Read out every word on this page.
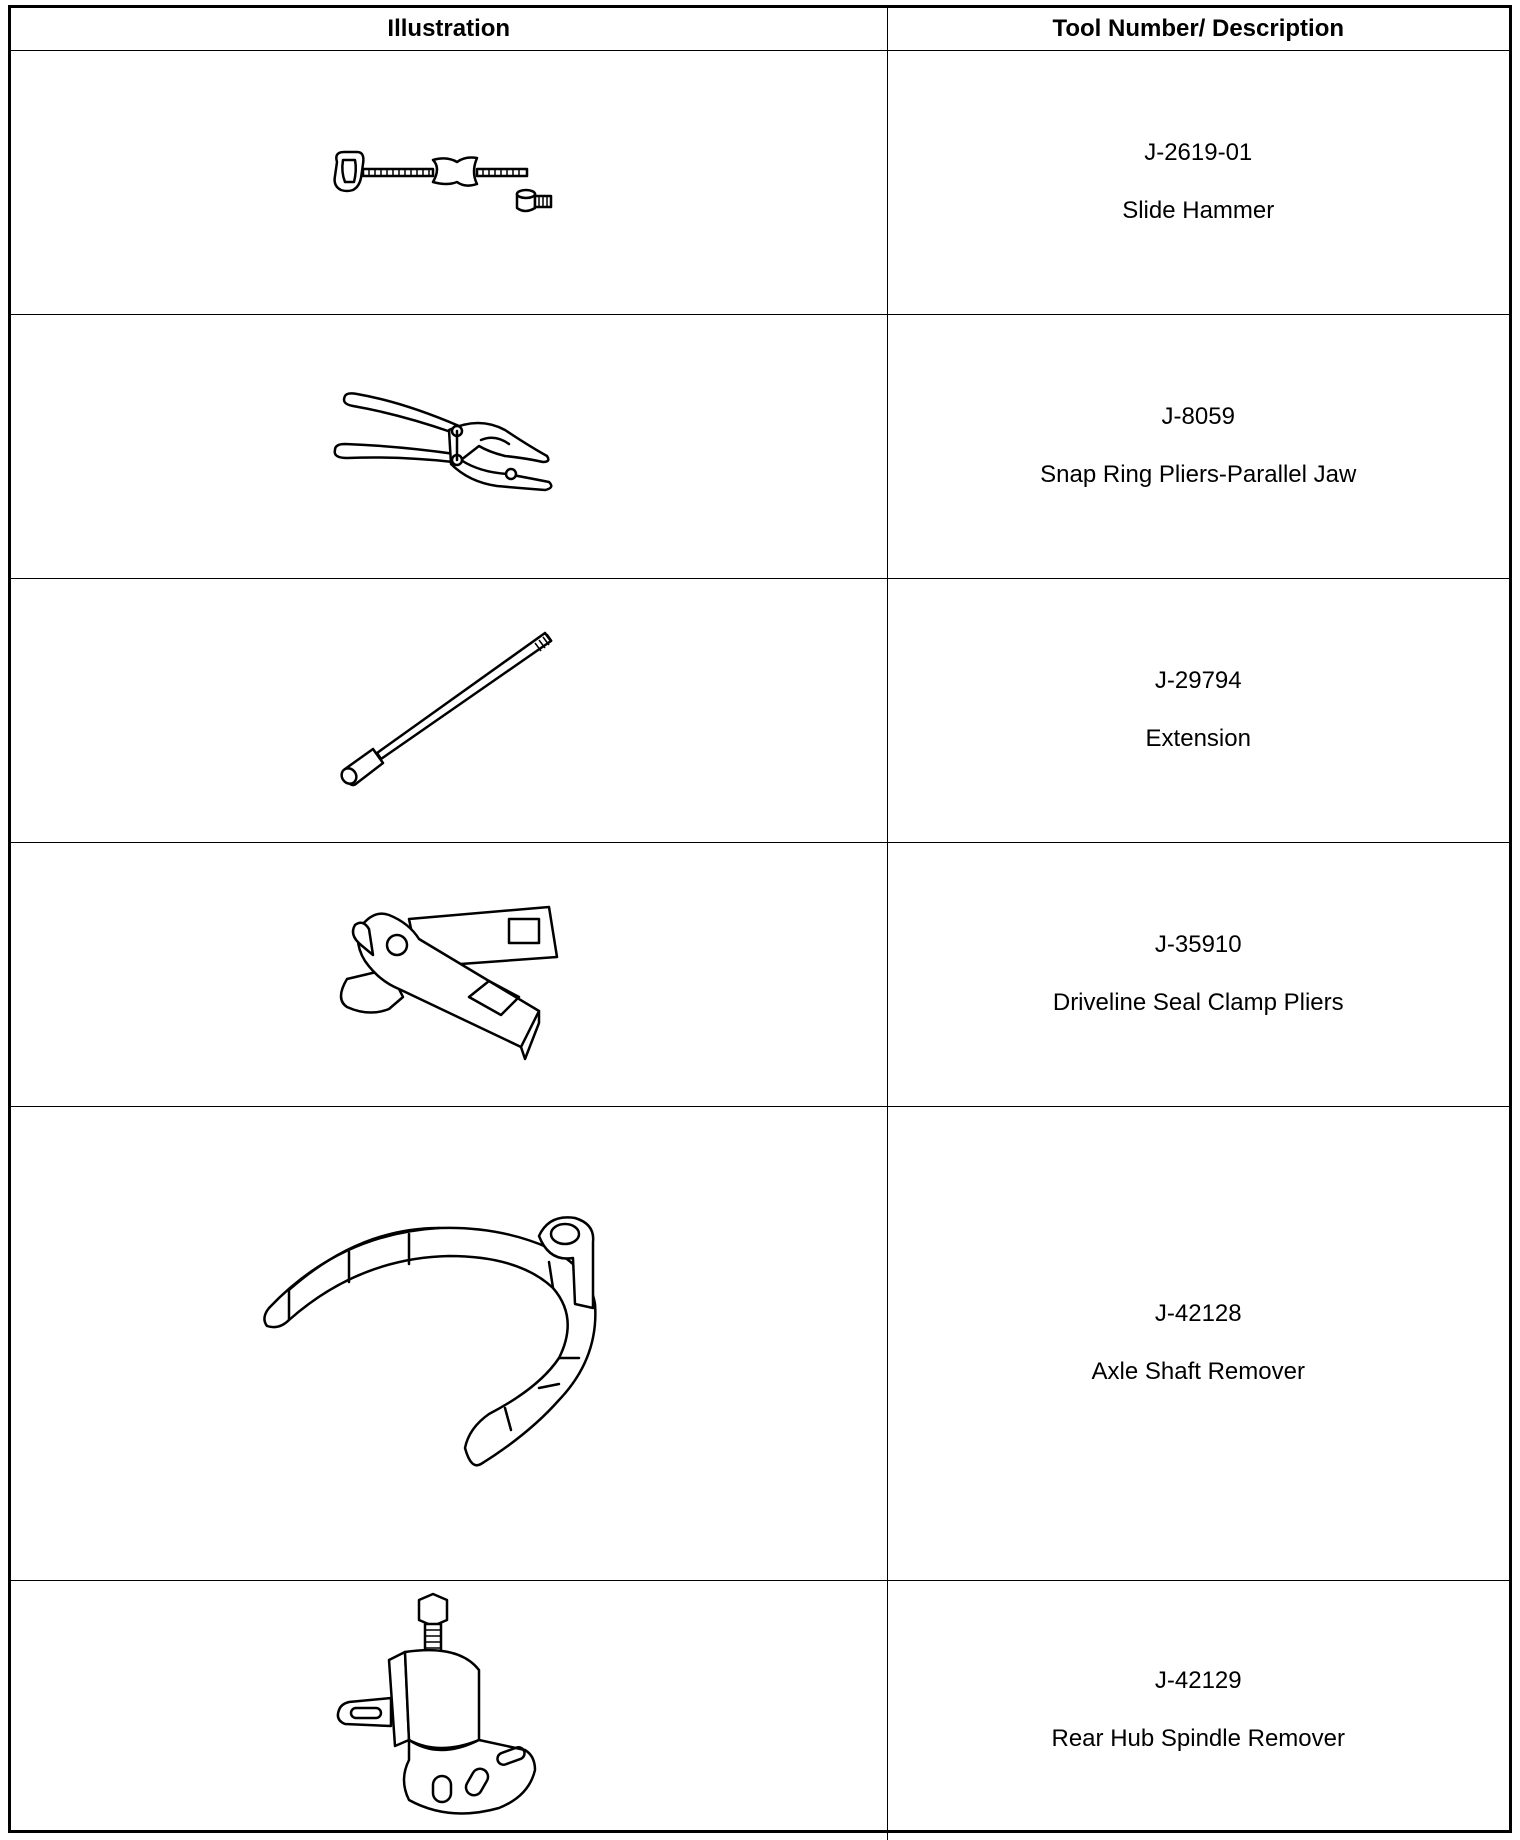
Illustration	Tool Number/ Description

J-2619-01
Slide Hammer

J-8059
Snap Ring Pliers-Parallel Jaw

J-29794
Extension

J-35910
Driveline Seal Clamp Pliers

J-42128
Axle Shaft Remover

J-42129
Rear Hub Spindle Remover
